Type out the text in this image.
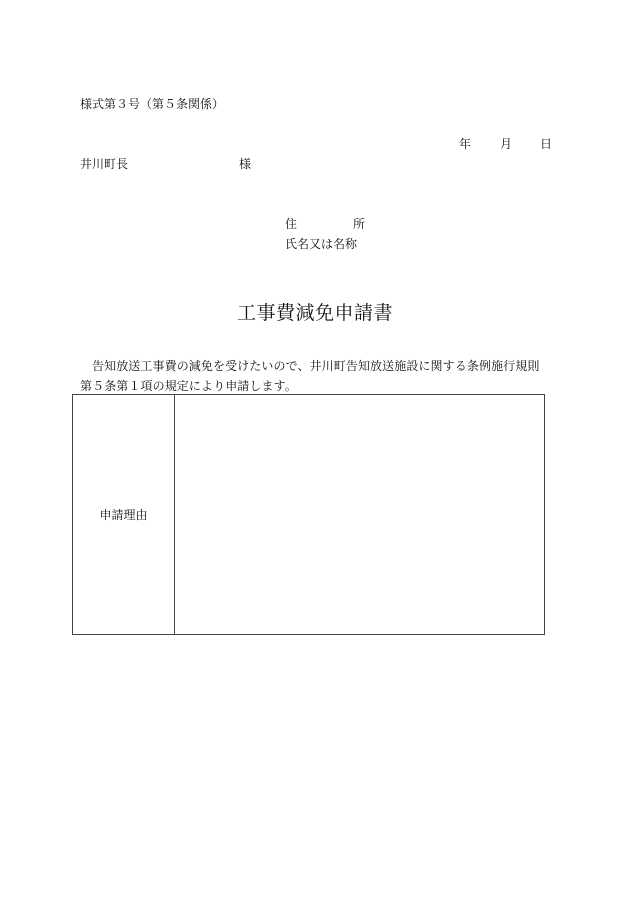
様式第３号（第５条関係）
年 月 日
井川町長	様
住	所
氏名又は名称
工事費減免申請書
告知放送工事費の減免を受けたいので、井川町告知放送施設に関する条例施行規則第５条第１項の規定により申請します。
申請理由
